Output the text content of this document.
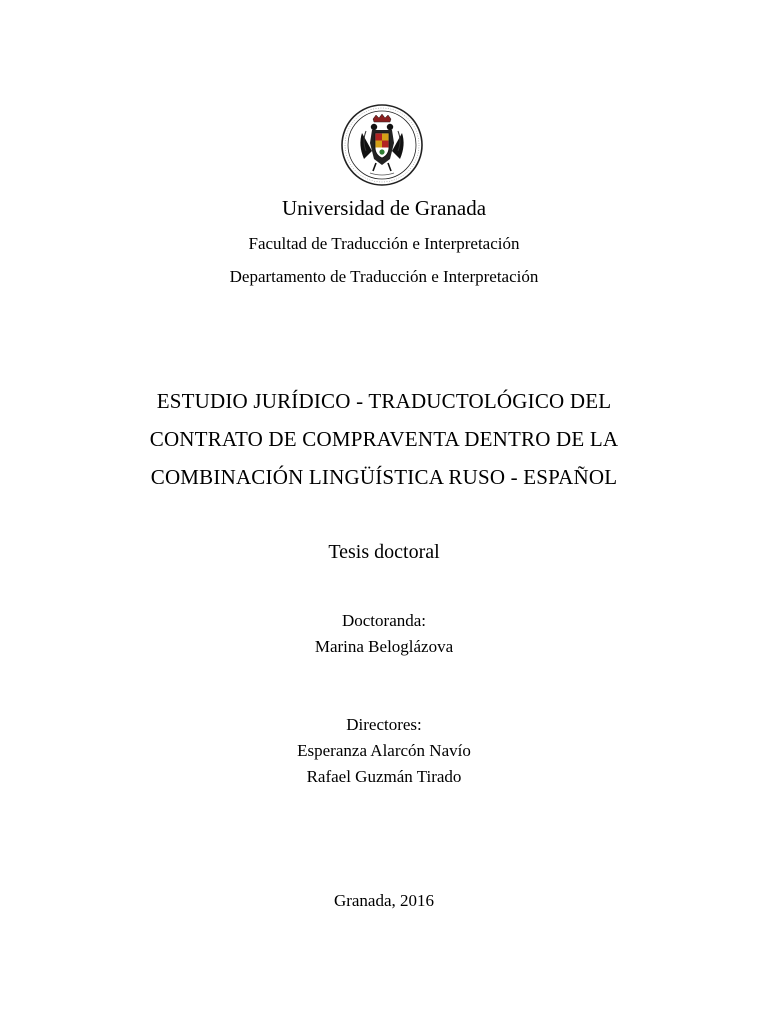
Universidad de Granada
Facultad de Traducción e Interpretación
Departamento de Traducción e Interpretación
ESTUDIO JURÍDICO - TRADUCTOLÓGICO DEL
CONTRATO DE COMPRAVENTA DENTRO DE LA
COMBINACIÓN LINGÜÍSTICA RUSO - ESPAÑOL
Tesis doctoral
Doctoranda:
Marina Beloglázova
Directores:
Esperanza Alarcón Navío
Rafael Guzmán Tirado
Granada, 2016
